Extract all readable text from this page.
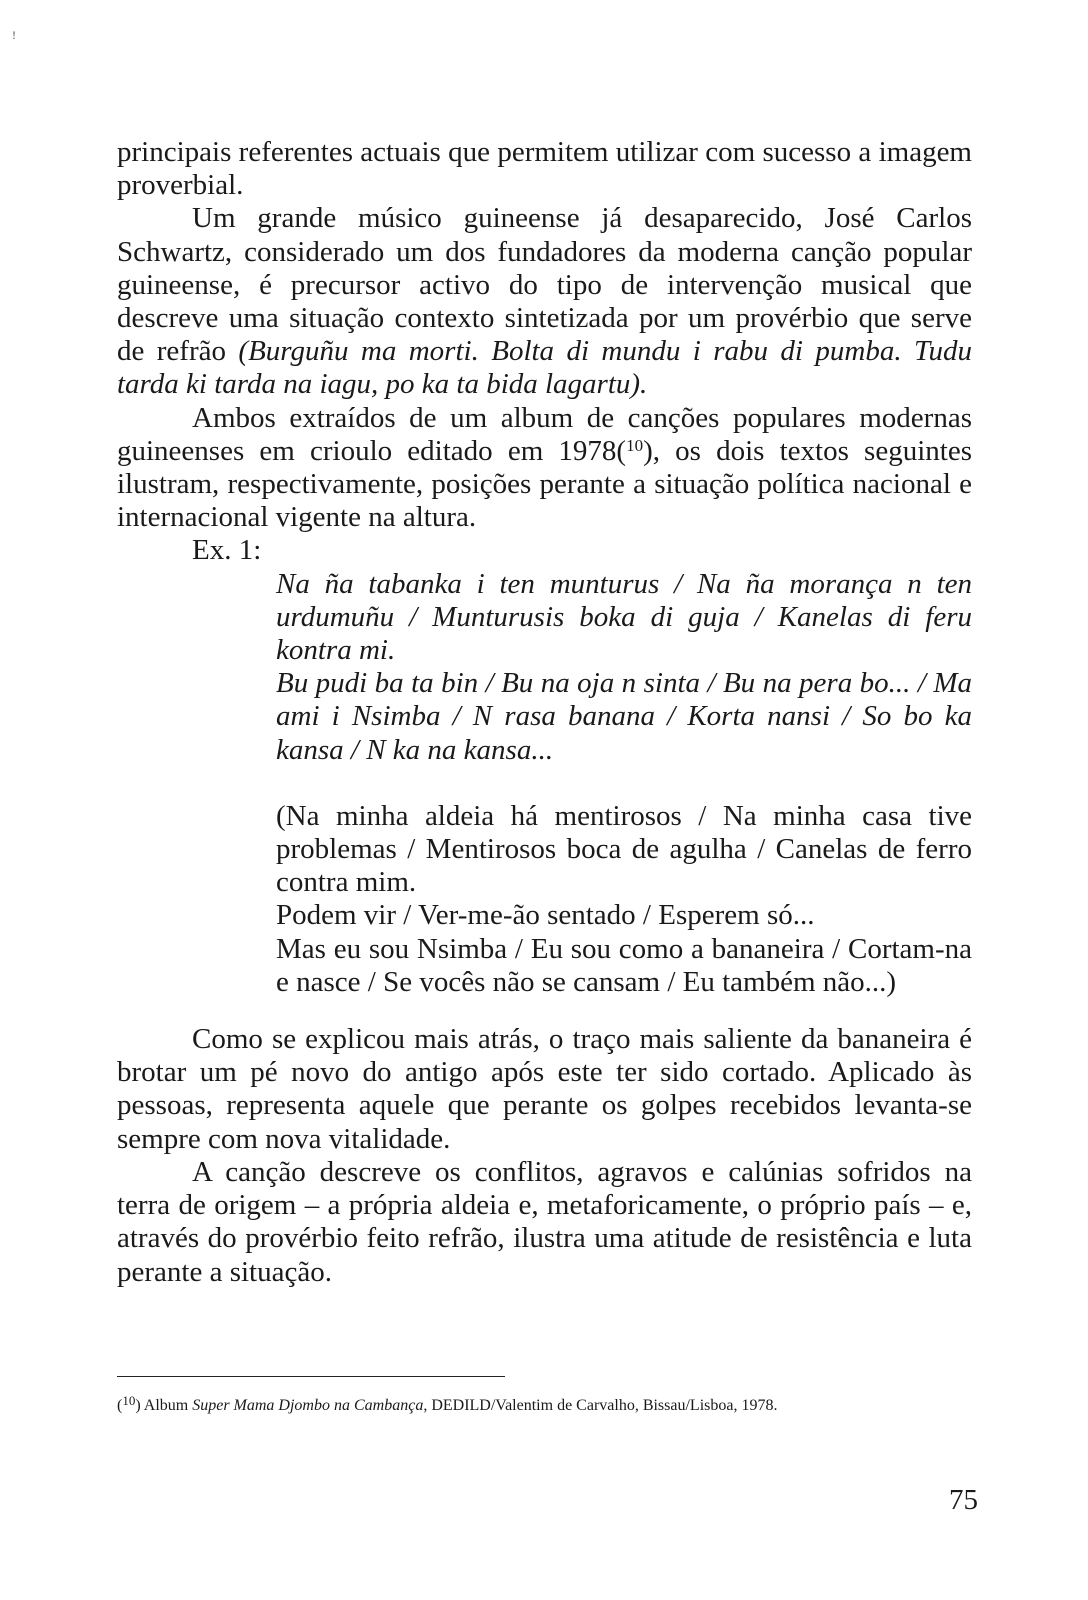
!

principais referentes actuais que permitem utilizar com sucesso a imagem proverbial.

Um grande músico guineense já desaparecido, José Carlos Schwartz, considerado um dos fundadores da moderna canção popular guineense, é precursor activo do tipo de intervenção musical que descreve uma situação contexto sintetizada por um provérbio que serve de refrão (Burguñu ma morti. Bolta di mundu i rabu di pumba. Tudu tarda ki tarda na iagu, po ka ta bida lagartu).

Ambos extraídos de um album de canções populares modernas guineenses em crioulo editado em 1978($^{10}$), os dois textos seguintes ilustram, respectivamente, posições perante a situação política nacional e internacional vigente na altura.

Ex. 1:

Na ña tabanka i ten munturus / Na ña morança n ten urdumuñu / Munturusis boka di guja / Kanelas di feru kontra mi.

Bu pudi ba ta bin / Bu na oja n sinta / Bu na pera bo... / Ma ami i Nsimba / N rasa banana / Korta nansi / So bo ka kansa / N ka na kansa...

(Na minha aldeia há mentirosos / Na minha casa tive problemas / Mentirosos boca de agulha / Canelas de ferro contra mim.

Podem vir / Ver-me-ão sentado / Esperem só...

Mas eu sou Nsimba / Eu sou como a bananeira / Cortam-na e nasce / Se vocês não se cansam / Eu também não...)

Como se explicou mais atrás, o traço mais saliente da bananeira é brotar um pé novo do antigo após este ter sido cortado. Aplicado às pessoas, representa aquele que perante os golpes recebidos levanta-se sempre com nova vitalidade.

A canção descreve os conflitos, agravos e calúnias sofridos na terra de origem – a própria aldeia e, metaforicamente, o próprio país – e, através do provérbio feito refrão, ilustra uma atitude de resistência e luta perante a situação.

($^{10}$) Album Super Mama Djombo na Cambança, DEDILD/Valentim de Carvalho, Bissau/Lisboa, 1978.
75
